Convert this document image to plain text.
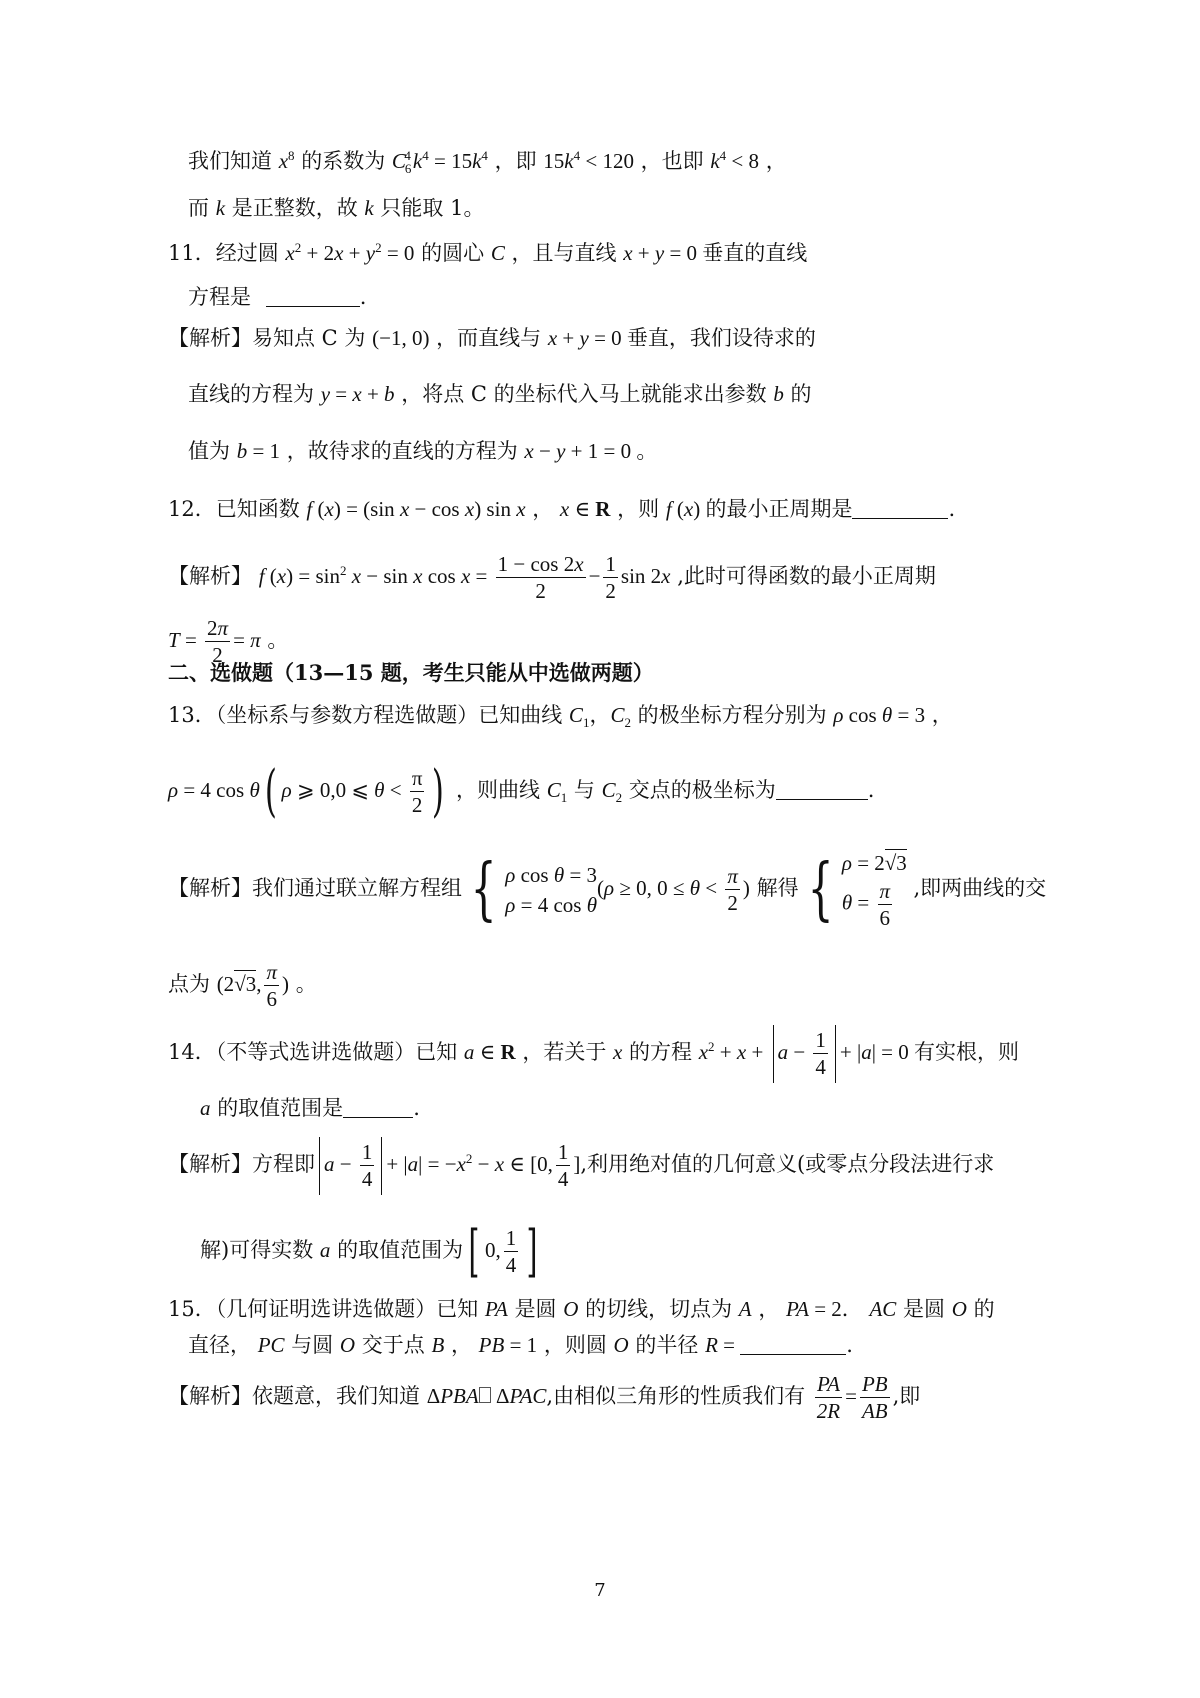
我们知道 $x^8$ 的系数为 $C_6^4k^4 = 15k^4$ ，即 $15k^4 < 120$ ，也即 $k^4 < 8$ ，
而 k 是正整数，故 k 只能取 1。
11．经过圆 $x^2 + 2x + y^2 = 0$ 的圆心 C ，且与直线 x + y = 0 垂直的直线
方程是	.
【解析】易知点 C 为 (−1, 0) ，而直线与 x + y = 0 垂直，我们设待求的
直线的方程为 y = x + b ，将点 C 的坐标代入马上就能求出参数 b 的
值为 b = 1 ，故待求的直线的方程为 x − y + 1 = 0 。
12．已知函数 f (x) = (sin x − cos x) sin x ， x ∈ R ，则 f (x) 的最小正周期是	.
【解析】 f $(x) = \sin^2 x - \sin x$ $\cos x = \frac{1 - \cos 2x}{2} - \frac{1}{2}$ sin 2x ,此时可得函数的最小正周期
$T = \frac{2\pi}{2} = \pi$ 。
二、选做题（13—15 题，考生只能从中选做两题）
13．（坐标系与参数方程选做题）已知曲线 $C_1$，$C_2$ 的极坐标方程分别为 ρ cos θ = 3 ，
ρ = 4 cos θ( ρ ⩾ 0,0 ⩽ $\theta < \frac{\pi}{2}$ ) ，则曲线 $C_1$ 与 $C_2$ 交点的极坐标为	.
【解析】我们通过联立解方程组 { ρ cos θ = 3
ρ = 4 cos θ
(ρ ≥ 0, $0 \le \theta < \frac{\pi}{2}$ ) 解得 { ρ = 2√3
$\theta = \frac{\pi}{6}$ ,即两曲线的交
点为 (2√3, $\frac{\pi}{6}$ ) 。
14．（不等式选讲选做题）已知 a ∈ R ，若关于 x 的方程 $x^2 + x + a - \frac{1}{4} + |a| = 0$ 有实根，则
a 的取值范围是	.
【解析】方程即 $a - \frac{1}{4} + |a| = -x^2 - x$ ∈ [0, $\frac{1}{4}$ ],利用绝对值的几何意义(或零点分段法进行求
解)可得实数 a 的取值范围为[ 0, $\frac{1}{4}$ ]
15．（几何证明选讲选做题）已知 PA 是圆 O 的切线，切点为 A ， PA = 2． AC 是圆 O 的
直径， PC 与圆 O 交于点 B ， PB = 1 ，则圆 O 的半径 R =	.
【解析】依题意，我们知道 ΔPBA ΔPAC,由相似三角形的性质我们有 $\frac{PA}{2R} = \frac{PB}{AB}$ ,即
7
